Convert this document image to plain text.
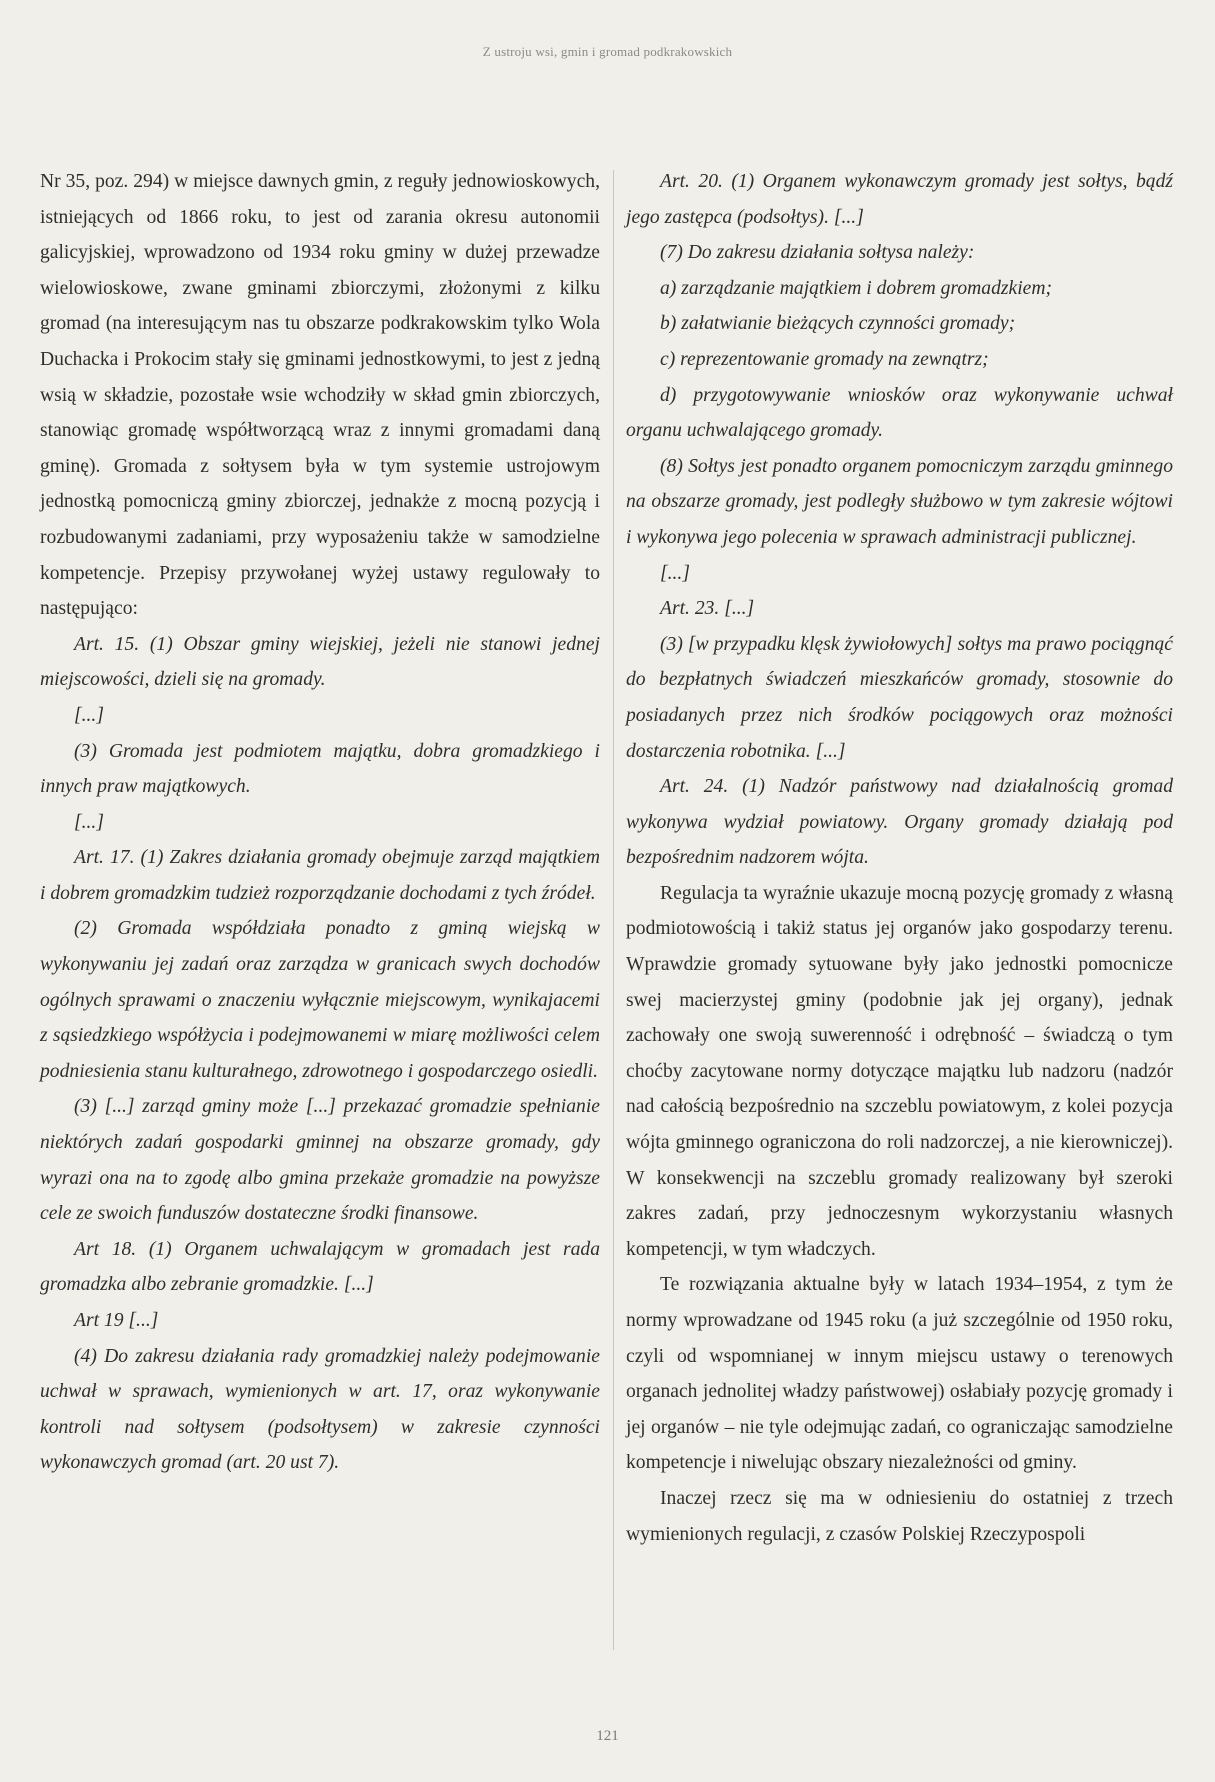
Z ustroju wsi, gmin i gromad podkrakowskich

Nr 35, poz. 294) w miejsce dawnych gmin, z reguły jednowioskowych, istniejących od 1866 roku, to jest od zarania okresu autonomii galicyjskiej, wprowadzono od 1934 roku gminy w dużej przewadze wielowioskowe, zwane gminami zbiorczymi, złożonymi z kilku gromad (na interesującym nas tu obszarze podkrakowskim tylko Wola Duchacka i Prokocim stały się gminami jednostkowymi, to jest z jedną wsią w składzie, pozostałe wsie wchodziły w skład gmin zbiorczych, stanowiąc gromadę współtworzącą wraz z innymi gromadami daną gminę). Gromada z sołtysem była w tym systemie ustrojowym jednostką pomocniczą gminy zbiorczej, jednakże z mocną pozycją i rozbudowanymi zadaniami, przy wyposażeniu także w samodzielne kompetencje. Przepisy przywołanej wyżej ustawy regulowały to następująco:

Art. 15. (1) Obszar gminy wiejskiej, jeżeli nie stanowi jednej miejscowości, dzieli się na gromady.

[...]

(3) Gromada jest podmiotem majątku, dobra gromadzkiego i innych praw majątkowych.

[...]

Art. 17. (1) Zakres działania gromady obejmuje zarząd majątkiem i dobrem gromadzkim tudzież rozporządzanie dochodami z tych źródeł.

(2) Gromada współdziała ponadto z gminą wiejską w wykonywaniu jej zadań oraz zarządza w granicach swych dochodów ogólnych sprawami o znaczeniu wyłącznie miejscowym, wynikajacemi z sąsiedzkiego współżycia i podejmowanemi w miarę możliwości celem podniesienia stanu kulturałnego, zdrowotnego i gospodarczego osiedli.

(3) [...] zarząd gminy może [...] przekazać gromadzie spełnianie niektórych zadań gospodarki gminnej na obszarze gromady, gdy wyrazi ona na to zgodę albo gmina przekaże gromadzie na powyższe cele ze swoich funduszów dostateczne środki finansowe.

Art 18. (1) Organem uchwalającym w gromadach jest rada gromadzka albo zebranie gromadzkie. [...]

Art 19 [...]

(4) Do zakresu działania rady gromadzkiej należy podejmowanie uchwał w sprawach, wymienionych w art. 17, oraz wykonywanie kontroli nad sołtysem (podsołtysem) w zakresie czynności wykonawczych gromad (art. 20 ust 7).

Art. 20. (1) Organem wykonawczym gromady jest sołtys, bądź jego zastępca (podsołtys). [...]

(7) Do zakresu działania sołtysa należy:

a) zarządzanie majątkiem i dobrem gromadzkiem;

b) załatwianie bieżących czynności gromady;

c) reprezentowanie gromady na zewnątrz;

d) przygotowywanie wniosków oraz wykonywanie uchwał organu uchwalającego gromady.

(8) Sołtys jest ponadto organem pomocniczym zarządu gminnego na obszarze gromady, jest podległy służbowo w tym zakresie wójtowi i wykonywa jego polecenia w sprawach administracji publicznej.

[...]

Art. 23. [...]

(3) [w przypadku klęsk żywiołowych] sołtys ma prawo pociągnąć do bezpłatnych świadczeń mieszkańców gromady, stosownie do posiadanych przez nich środków pociągowych oraz możności dostarczenia robotnika. [...]

Art. 24. (1) Nadzór państwowy nad działalnością gromad wykonywa wydział powiatowy. Organy gromady działają pod bezpośrednim nadzorem wójta.

Regulacja ta wyraźnie ukazuje mocną pozycję gromady z własną podmiotowością i takiż status jej organów jako gospodarzy terenu. Wprawdzie gromady sytuowane były jako jednostki pomocnicze swej macierzystej gminy (podobnie jak jej organy), jednak zachowały one swoją suwerenność i odrębność – świadczą o tym choćby zacytowane normy dotyczące majątku lub nadzoru (nadzór nad całością bezpośrednio na szczeblu powiatowym, z kolei pozycja wójta gminnego ograniczona do roli nadzorczej, a nie kierowniczej). W konsekwencji na szczeblu gromady realizowany był szeroki zakres zadań, przy jednoczesnym wykorzystaniu własnych kompetencji, w tym władczych.

Te rozwiązania aktualne były w latach 1934–1954, z tym że normy wprowadzane od 1945 roku (a już szczególnie od 1950 roku, czyli od wspomnianej w innym miejscu ustawy o terenowych organach jednolitej władzy państwowej) osłabiały pozycję gromady i jej organów – nie tyle odejmując zadań, co ograniczając samodzielne kompetencje i niwelując obszary niezależności od gminy.

Inaczej rzecz się ma w odniesieniu do ostatniej z trzech wymienionych regulacji, z czasów Polskiej Rzeczypospoli

121
